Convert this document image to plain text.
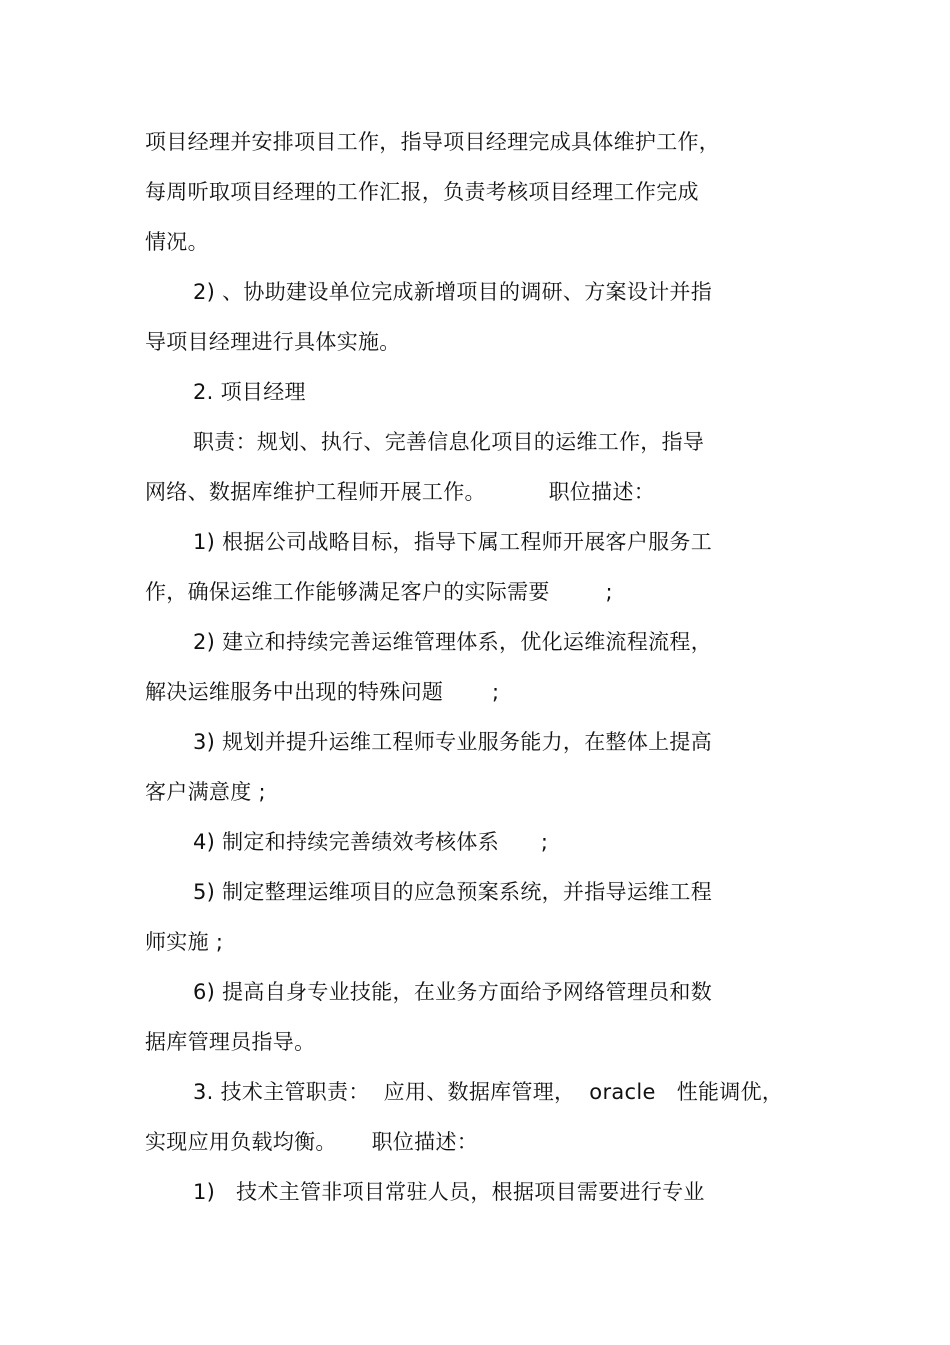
项目经理并安排项目工作，指导项目经理完成具体维护工作，
每周听取项目经理的工作汇报，负责考核项目经理工作完成
情况。
2) 、协助建设单位完成新增项目的调研、方案设计并指
导项目经理进行具体实施。
2. 项目经理
职责：规划、执行、完善信息化项目的运维工作，指导
网络、数据库维护工程师开展工作。         职位描述：
1) 根据公司战略目标，指导下属工程师开展客户服务工
作，确保运维工作能够满足客户的实际需要        ;
2) 建立和持续完善运维管理体系，优化运维流程流程，
解决运维服务中出现的特殊问题       ;
3) 规划并提升运维工程师专业服务能力，在整体上提高
客户满意度 ;
4) 制定和持续完善绩效考核体系      ;
5) 制定整理运维项目的应急预案系统，并指导运维工程
师实施 ;
6) 提高自身专业技能，在业务方面给予网络管理员和数
据库管理员指导。
3. 技术主管职责：  应用、数据库管理，  oracle   性能调优，
实现应用负载均衡。     职位描述：
1)   技术主管非项目常驻人员，根据项目需要进行专业
